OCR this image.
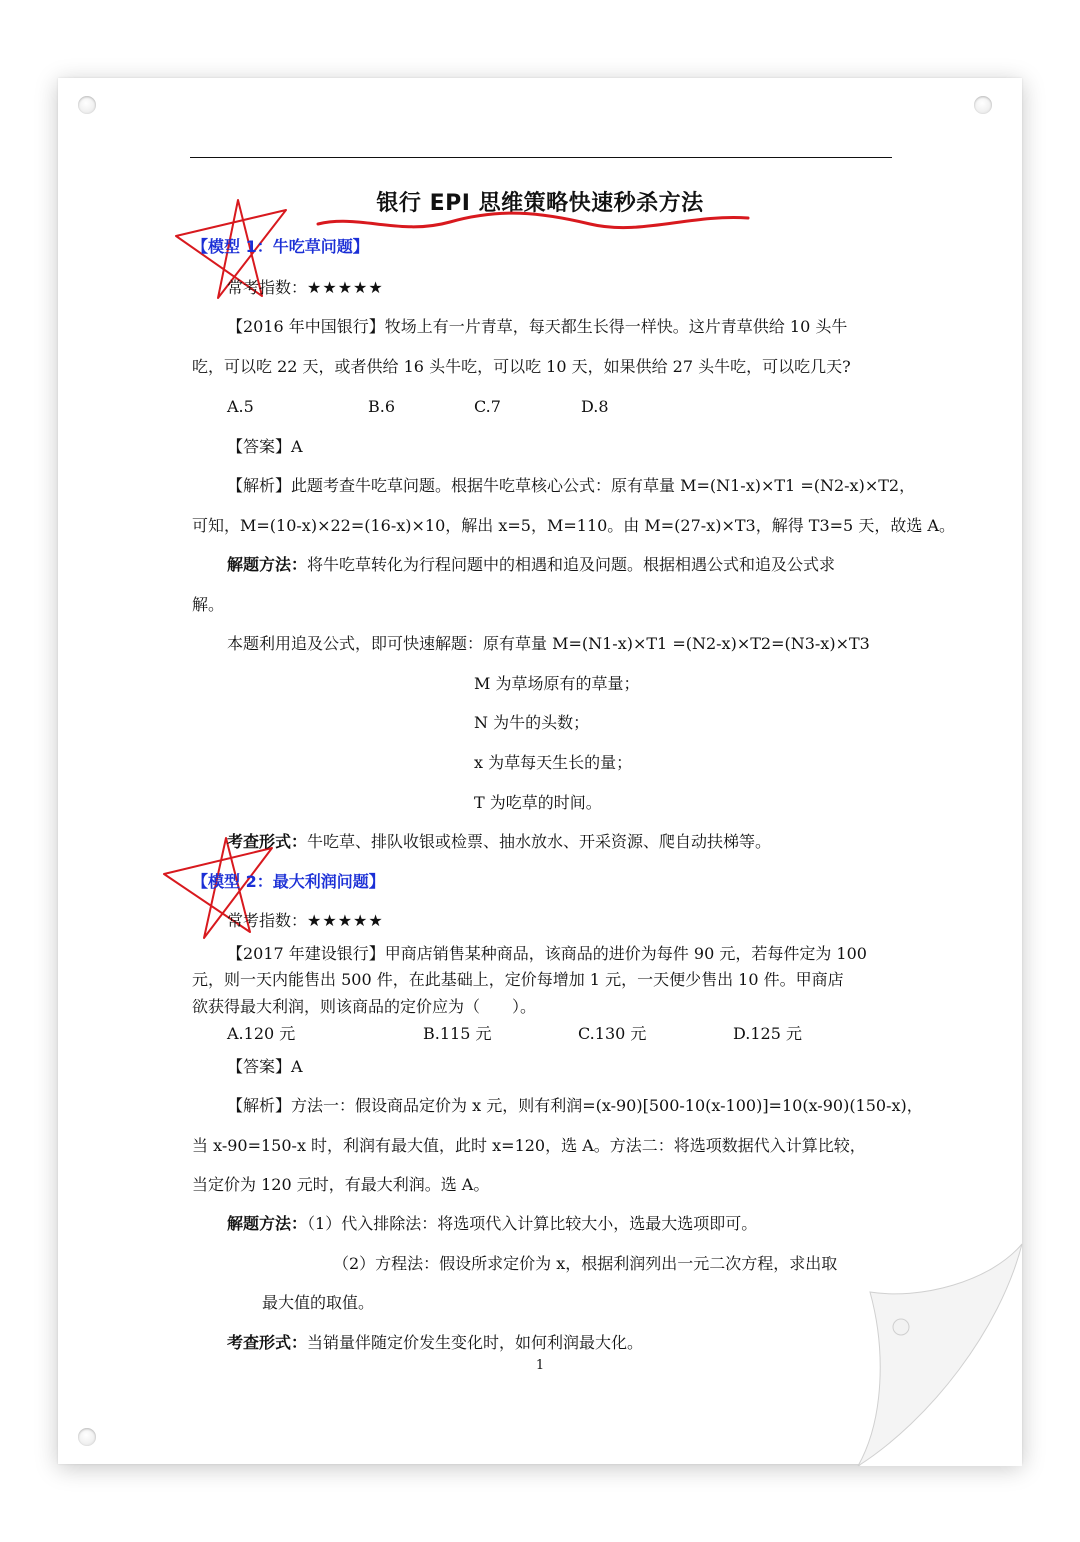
银行 EPI 思维策略快速秒杀方法
【模型 1：牛吃草问题】
常考指数：★★★★★
【2016 年中国银行】牧场上有一片青草，每天都生长得一样快。这片青草供给 10 头牛
吃，可以吃 22 天，或者供给 16 头牛吃，可以吃 10 天，如果供给 27 头牛吃，可以吃几天?
A.5	B.6	C.7	D.8
【答案】A
【解析】此题考查牛吃草问题。根据牛吃草核心公式：原有草量 M=(N1-x)×T1 =(N2-x)×T2，
可知，M=(10-x)×22=(16-x)×10，解出 x=5，M=110。由 M=(27-x)×T3，解得 T3=5 天，故选 A。
解题方法：将牛吃草转化为行程问题中的相遇和追及问题。根据相遇公式和追及公式求
解。
本题利用追及公式，即可快速解题：原有草量 M=(N1-x)×T1 =(N2-x)×T2=(N3-x)×T3
M 为草场原有的草量；
N 为牛的头数；
x 为草每天生长的量；
T 为吃草的时间。
考查形式：牛吃草、排队收银或检票、抽水放水、开采资源、爬自动扶梯等。
【模型 2：最大利润问题】
常考指数：★★★★★
【2017 年建设银行】甲商店销售某种商品，该商品的进价为每件 90 元，若每件定为 100
元，则一天内能售出 500 件，在此基础上，定价每增加 1 元，一天便少售出 10 件。甲商店
欲获得最大利润，则该商品的定价应为（　　）。
A.120 元	B.115 元	C.130 元	D.125 元
【答案】A
【解析】方法一：假设商品定价为 x 元，则有利润=(x-90)[500-10(x-100)]=10(x-90)(150-x)，
当 x-90=150-x 时，利润有最大值，此时 x=120，选 A。方法二：将选项数据代入计算比较，
当定价为 120 元时，有最大利润。选 A。
解题方法：（1）代入排除法：将选项代入计算比较大小，选最大选项即可。
（2）方程法：假设所求定价为 x，根据利润列出一元二次方程，求出取
最大值的取值。
考查形式：当销量伴随定价发生变化时，如何利润最大化。
1
